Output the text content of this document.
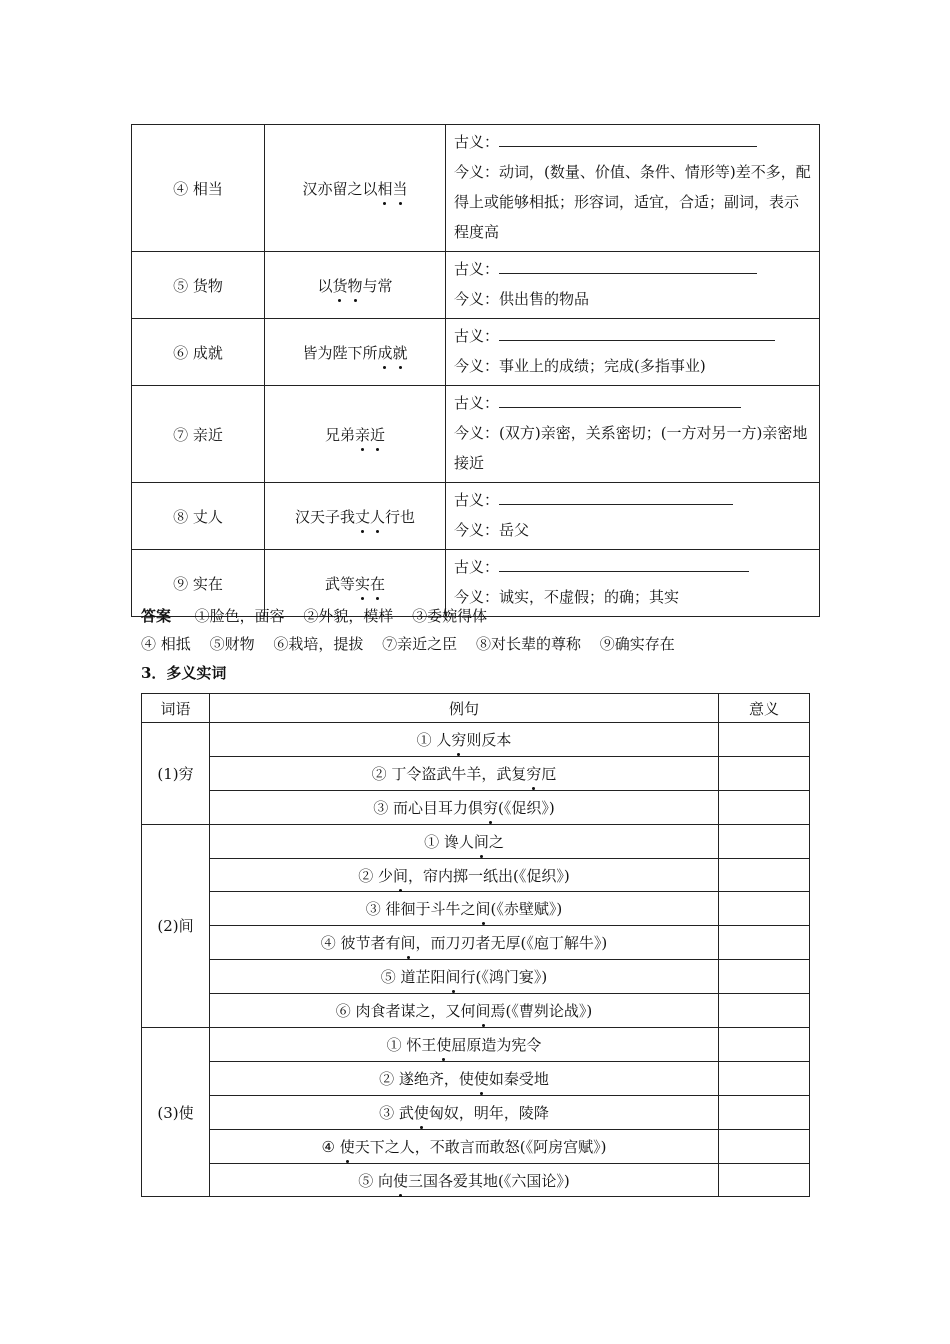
④ 相当	汉亦留之以相当	古义：
今义：动词，(数量、价值、条件、情形等)差不多，配得上或能够相抵；形容词，适宜，合适；副词，表示程度高

⑤ 货物	以货物与常	古义：
今义：供出售的物品

⑥ 成就	皆为陛下所成就	古义：
今义：事业上的成绩；完成(多指事业)

⑦ 亲近	兄弟亲近	古义：
今义：(双方)亲密，关系密切；(一方对另一方)亲密地接近

⑧ 丈人	汉天子我丈人行也	古义：
今义：岳父

⑨ 实在	武等实在	古义：
今义：诚实，不虚假；的确；其实
答案 ①脸色，面容 ②外貌，模样 ③委婉得体
④ 相抵 ⑤财物 ⑥栽培，提拔 ⑦亲近之臣 ⑧对长辈的尊称 ⑨确实存在
3．多义实词
词语	例句	意义
(1)穷	① 人穷则反本	
	② 丁令盗武牛羊，武复穷厄	
	③ 而心目耳力俱穷(《促织》)	
(2)间	① 谗人间之	
	② 少间，帘内掷一纸出(《促织》)	
	③ 徘徊于斗牛之间(《赤壁赋》)	
	④ 彼节者有间，而刀刃者无厚(《庖丁解牛》)	
	⑤ 道芷阳间行(《鸿门宴》)	
	⑥ 肉食者谋之，又何间焉(《曹刿论战》)	
(3)使	① 怀王使屈原造为宪令	
	② 遂绝齐，使使如秦受地	
	③ 武使匈奴，明年，陵降	
	④ 使天下之人，不敢言而敢怒(《阿房宫赋》)	
	⑤ 向使三国各爱其地(《六国论》)	
